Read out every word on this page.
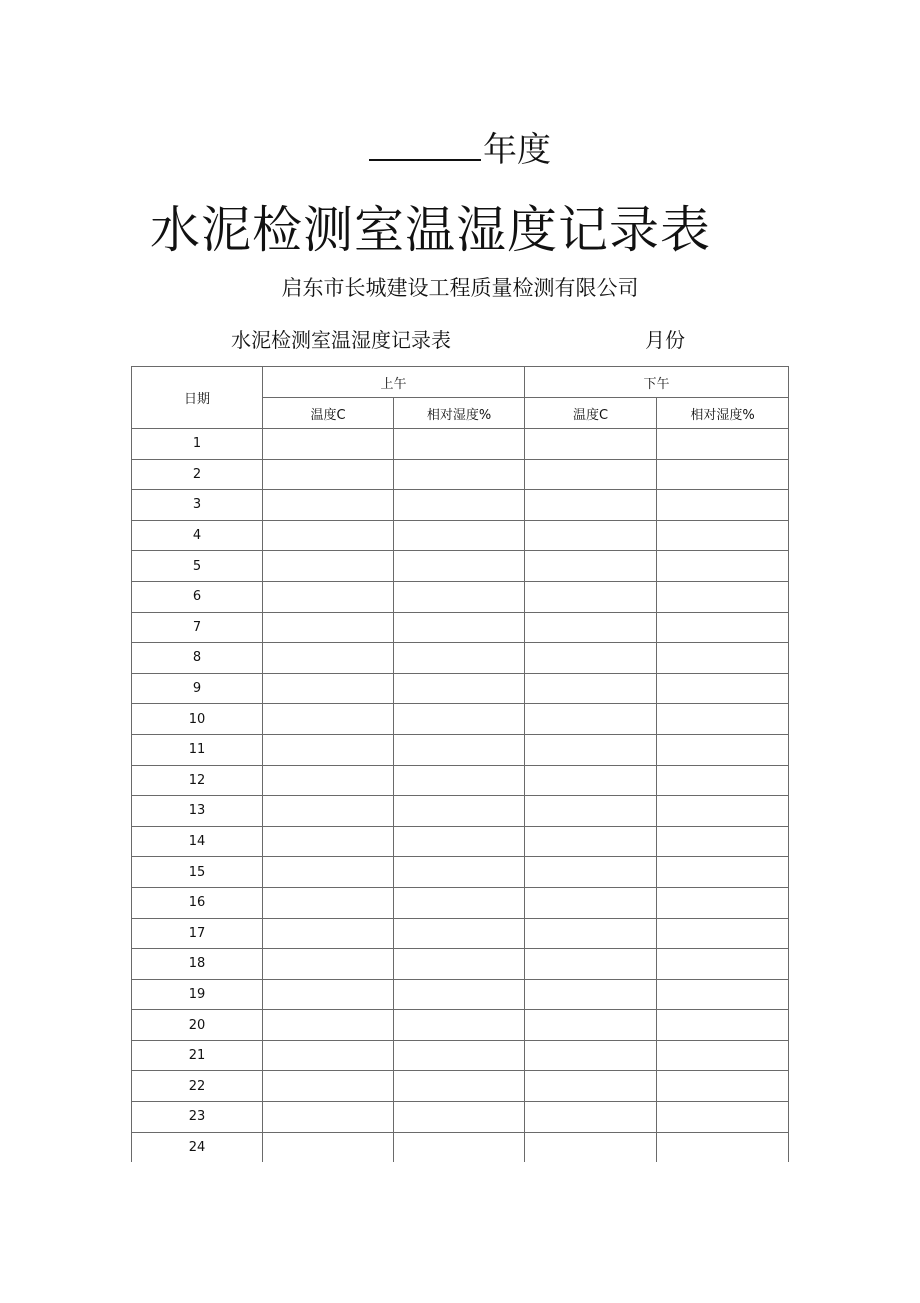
年度
水泥检测室温湿度记录表
启东市长城建设工程质量检测有限公司
水泥检测室温湿度记录表	月份
日期	上午		下午	
	温度C	相对湿度%	温度C	相对湿度%
1				
2				
3				
4				
5				
6				
7				
8				
9				
10				
11				
12				
13				
14				
15				
16				
17				
18				
19				
20				
21				
22				
23				
24				
